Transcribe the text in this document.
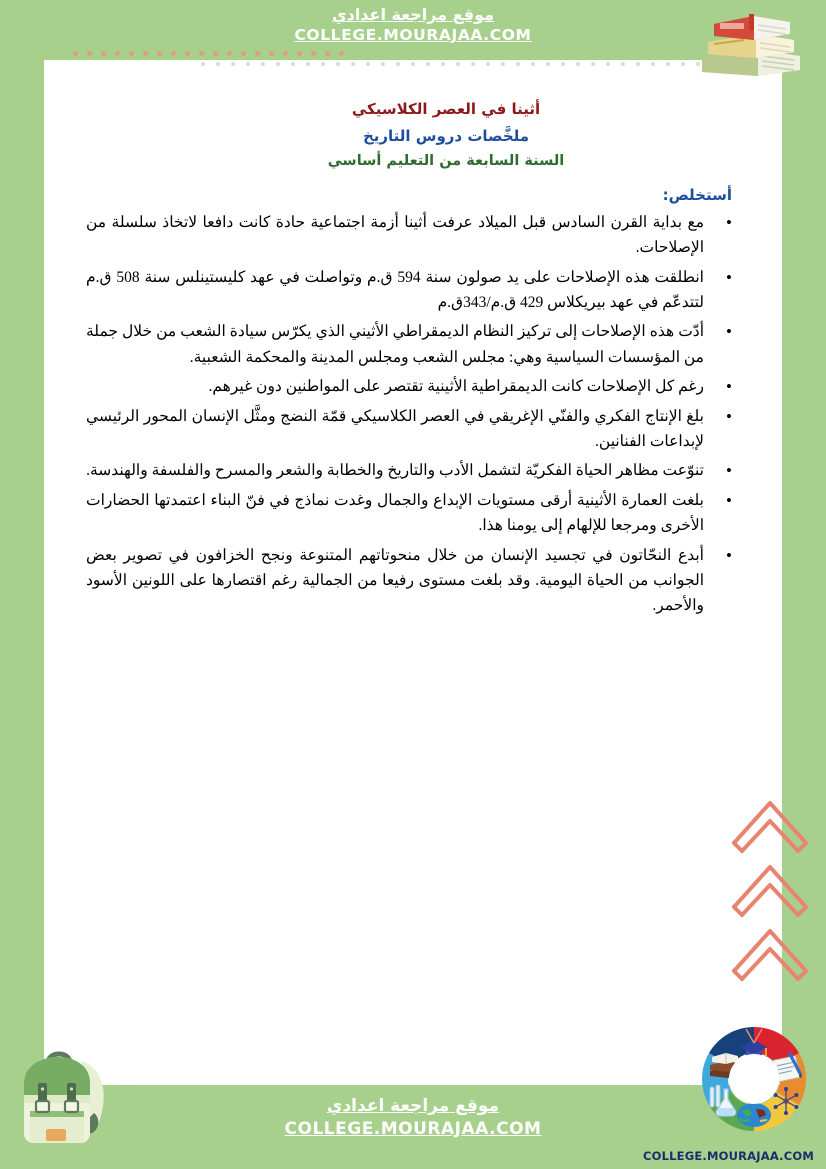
موقع مراجعة اعدادي
COLLEGE.MOURAJAA.COM

أثينا في العصر الكلاسيكي

ملخَّصات دروس التاريخ

السنة السابعة من التعليم أساسي

أستخلص:
• مع بداية القرن السادس قبل الميلاد عرفت أثينا أزمة اجتماعية حادة كانت دافعا لاتخاذ سلسلة من الإصلاحات.
• انطلقت هذه الإصلاحات على يد صولون سنة 594 ق.م وتواصلت في عهد كليستينلس سنة 508 ق.م لتتدعّم في عهد بيريكلاس 429 ق.م/343ق.م
• أدّت هذه الإصلاحات إلى تركيز النظام الديمقراطي الأثيني الذي يكرّس سيادة الشعب من خلال جملة من المؤسسات السياسية وهي: مجلس الشعب ومجلس المدينة والمحكمة الشعبية.
• رغم كل الإصلاحات كانت الديمقراطية الأثينية تقتصر على المواطنين دون غيرهم.
• بلغ الإنتاج الفكري والفنّي الإغريقي في العصر الكلاسيكي قمّة النضج ومثَّل الإنسان المحور الرئيسي لإبداعات الفنانين.
• تنوّعت مظاهر الحياة الفكريّة لتشمل الأدب والتاريخ والخطابة والشعر والمسرح والفلسفة والهندسة.
• بلغت العمارة الأثينية أرقى مستويات الإبداع والجمال وغدت نماذج في فنّ البناء اعتمدتها الحضارات الأخرى ومرجعا للإلهام إلى يومنا هذا.
• أبدع النحّاتون في تجسيد الإنسان من خلال منحوتاتهم المتنوعة ونجح الخزافون في تصوير بعض الجوانب من الحياة اليومية. وقد بلغت مستوى رفيعا من الجمالية رغم اقتصارها على اللونين الأسود والأحمر.
موقع مراجعة اعدادي
COLLEGE.MOURAJAA.COM
COLLEGE.MOURAJAA.COM
